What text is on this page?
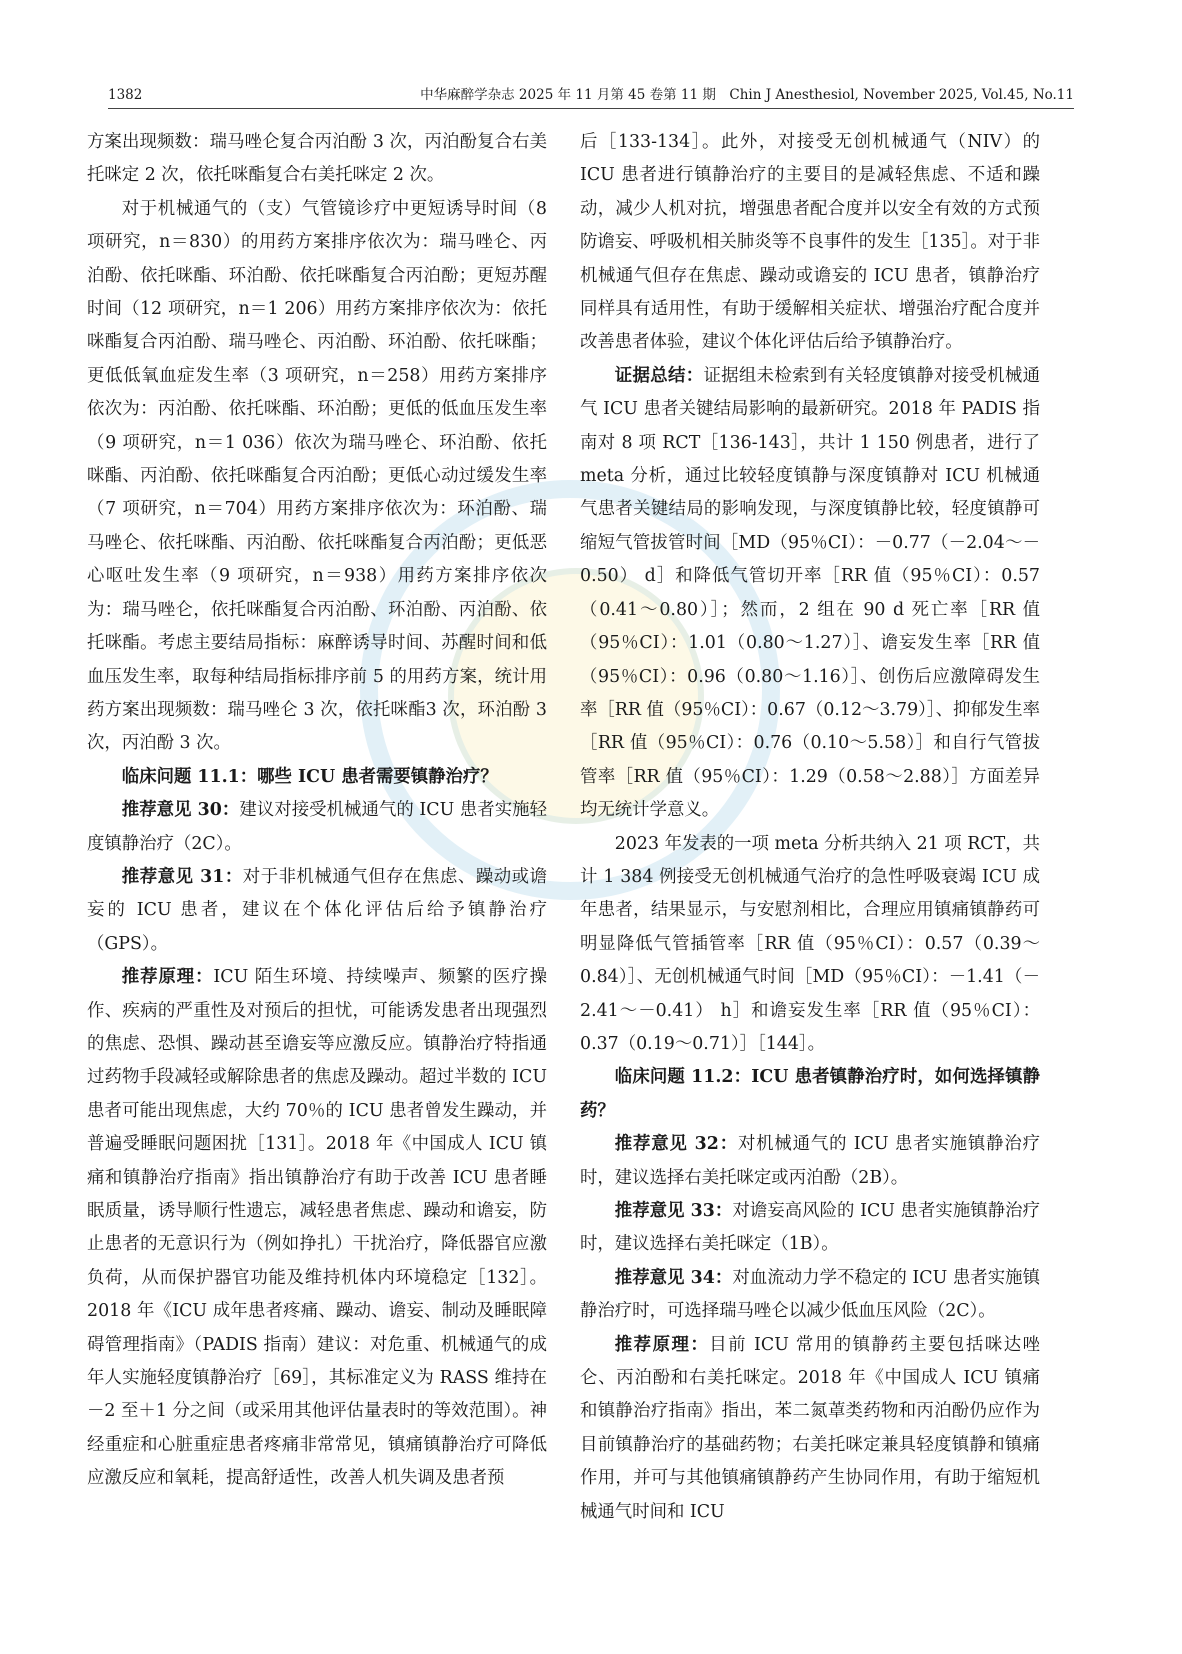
1382	中华麻醉学杂志 2025 年 11 月第 45 卷第 11 期　Chin J Anesthesiol, November 2025, Vol.45, No.11

方案出现频数：瑞马唑仑复合丙泊酚 3 次，丙泊酚复合右美托咪定 2 次，依托咪酯复合右美托咪定 2 次。

对于机械通气的（支）气管镜诊疗中更短诱导时间（8 项研究，n＝830）的用药方案排序依次为：瑞马唑仑、丙泊酚、依托咪酯、环泊酚、依托咪酯复合丙泊酚；更短苏醒时间（12 项研究，n＝1 206）用药方案排序依次为：依托咪酯复合丙泊酚、瑞马唑仑、丙泊酚、环泊酚、依托咪酯；更低低氧血症发生率（3 项研究，n＝258）用药方案排序依次为：丙泊酚、依托咪酯、环泊酚；更低的低血压发生率（9 项研究，n＝1 036）依次为瑞马唑仑、环泊酚、依托咪酯、丙泊酚、依托咪酯复合丙泊酚；更低心动过缓发生率（7 项研究，n＝704）用药方案排序依次为：环泊酚、瑞马唑仑、依托咪酯、丙泊酚、依托咪酯复合丙泊酚；更低恶心呕吐发生率（9 项研究，n＝938）用药方案排序依次为：瑞马唑仑，依托咪酯复合丙泊酚、环泊酚、丙泊酚、依托咪酯。考虑主要结局指标：麻醉诱导时间、苏醒时间和低血压发生率，取每种结局指标排序前 5 的用药方案，统计用药方案出现频数：瑞马唑仑 3 次，依托咪酯3 次，环泊酚 3 次，丙泊酚 3 次。

临床问题 11.1：哪些 ICU 患者需要镇静治疗？

推荐意见 30：建议对接受机械通气的 ICU 患者实施轻度镇静治疗（2C）。

推荐意见 31：对于非机械通气但存在焦虑、躁动或谵妄的 ICU 患者，建议在个体化评估后给予镇静治疗（GPS）。

推荐原理：ICU 陌生环境、持续噪声、频繁的医疗操作、疾病的严重性及对预后的担忧，可能诱发患者出现强烈的焦虑、恐惧、躁动甚至谵妄等应激反应。镇静治疗特指通过药物手段减轻或解除患者的焦虑及躁动。超过半数的 ICU 患者可能出现焦虑，大约 70％的 ICU 患者曾发生躁动，并普遍受睡眠问题困扰［131］。2018 年《中国成人 ICU 镇痛和镇静治疗指南》指出镇静治疗有助于改善 ICU 患者睡眠质量，诱导顺行性遗忘，减轻患者焦虑、躁动和谵妄，防止患者的无意识行为（例如挣扎）干扰治疗，降低器官应激负荷，从而保护器官功能及维持机体内环境稳定［132］。2018 年《ICU 成年患者疼痛、躁动、谵妄、制动及睡眠障碍管理指南》（PADIS 指南）建议：对危重、机械通气的成年人实施轻度镇静治疗［69］，其标准定义为 RASS 维持在－2 至＋1 分之间（或采用其他评估量表时的等效范围）。神经重症和心脏重症患者疼痛非常常见，镇痛镇静治疗可降低应激反应和氧耗，提高舒适性，改善人机失调及患者预

后［133-134］。此外，对接受无创机械通气（NIV）的 ICU 患者进行镇静治疗的主要目的是减轻焦虑、不适和躁动，减少人机对抗，增强患者配合度并以安全有效的方式预防谵妄、呼吸机相关肺炎等不良事件的发生［135］。对于非机械通气但存在焦虑、躁动或谵妄的 ICU 患者，镇静治疗同样具有适用性，有助于缓解相关症状、增强治疗配合度并改善患者体验，建议个体化评估后给予镇静治疗。

证据总结：证据组未检索到有关轻度镇静对接受机械通气 ICU 患者关键结局影响的最新研究。2018 年 PADIS 指南对 8 项 RCT［136-143］，共计 1 150 例患者，进行了 meta 分析，通过比较轻度镇静与深度镇静对 ICU 机械通气患者关键结局的影响发现，与深度镇静比较，轻度镇静可缩短气管拔管时间［MD（95％CI）：－0.77（－2.04～－0.50） d］和降低气管切开率［RR 值（95％CI）：0.57（0.41～0.80）］；然而，2 组在 90 d 死亡率［RR 值（95％CI）：1.01（0.80～1.27）］、谵妄发生率［RR 值（95％CI）：0.96（0.80～1.16）］、创伤后应激障碍发生率［RR 值（95％CI）：0.67（0.12～3.79）］、抑郁发生率［RR 值（95％CI）：0.76（0.10～5.58）］和自行气管拔管率［RR 值（95％CI）：1.29（0.58～2.88）］方面差异均无统计学意义。

2023 年发表的一项 meta 分析共纳入 21 项 RCT，共计 1 384 例接受无创机械通气治疗的急性呼吸衰竭 ICU 成年患者，结果显示，与安慰剂相比，合理应用镇痛镇静药可明显降低气管插管率［RR 值（95％CI）：0.57（0.39～0.84）］、无创机械通气时间［MD（95％CI）：－1.41（－2.41～－0.41） h］和谵妄发生率［RR 值（95％CI）：0.37（0.19～0.71）］［144］。

临床问题 11.2：ICU 患者镇静治疗时，如何选择镇静药？

推荐意见 32：对机械通气的 ICU 患者实施镇静治疗时，建议选择右美托咪定或丙泊酚（2B）。

推荐意见 33：对谵妄高风险的 ICU 患者实施镇静治疗时，建议选择右美托咪定（1B）。

推荐意见 34：对血流动力学不稳定的 ICU 患者实施镇静治疗时，可选择瑞马唑仑以减少低血压风险（2C）。

推荐原理：目前 ICU 常用的镇静药主要包括咪达唑仑、丙泊酚和右美托咪定。2018 年《中国成人 ICU 镇痛和镇静治疗指南》指出，苯二氮䓬类药物和丙泊酚仍应作为目前镇静治疗的基础药物；右美托咪定兼具轻度镇静和镇痛作用，并可与其他镇痛镇静药产生协同作用，有助于缩短机械通气时间和 ICU
